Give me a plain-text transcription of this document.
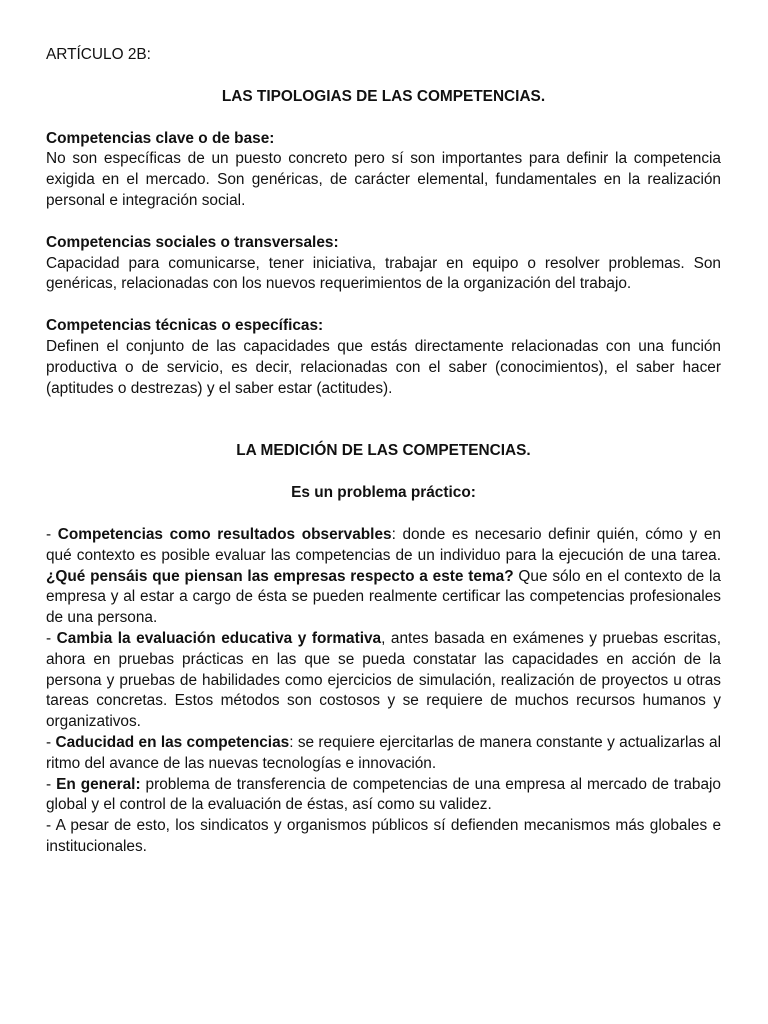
ARTÍCULO 2B:

LAS TIPOLOGIAS DE LAS COMPETENCIAS.

Competencias clave o de base:

No son específicas de un puesto concreto pero sí son importantes para definir la competencia exigida en el mercado. Son genéricas, de carácter elemental, fundamentales en la realización personal e integración social.

Competencias sociales o transversales:

Capacidad para comunicarse, tener iniciativa, trabajar en equipo o resolver problemas. Son genéricas, relacionadas con los nuevos requerimientos de la organización del trabajo.

Competencias técnicas o específicas:

Definen el conjunto de las capacidades que estás directamente relacionadas con una función productiva o de servicio, es decir, relacionadas con el saber (conocimientos), el saber hacer (aptitudes o destrezas) y el saber estar (actitudes).

LA MEDICIÓN DE LAS COMPETENCIAS.

Es un problema práctico:

- Competencias como resultados observables: donde es necesario definir quién, cómo y en qué contexto es posible evaluar las competencias de un individuo para la ejecución de una tarea. ¿Qué pensáis que piensan las empresas respecto a este tema? Que sólo en el contexto de la empresa y al estar a cargo de ésta se pueden realmente certificar las competencias profesionales de una persona.

- Cambia la evaluación educativa y formativa, antes basada en exámenes y pruebas escritas, ahora en pruebas prácticas en las que se pueda constatar las capacidades en acción de la persona y pruebas de habilidades como ejercicios de simulación, realización de proyectos u otras tareas concretas. Estos métodos son costosos y se requiere de muchos recursos humanos y organizativos.

- Caducidad en las competencias: se requiere ejercitarlas de manera constante y actualizarlas al ritmo del avance de las nuevas tecnologías e innovación.

- En general: problema de transferencia de competencias de una empresa al mercado de trabajo global y el control de la evaluación de éstas, así como su validez.

- A pesar de esto, los sindicatos y organismos públicos sí defienden mecanismos más globales e institucionales.
